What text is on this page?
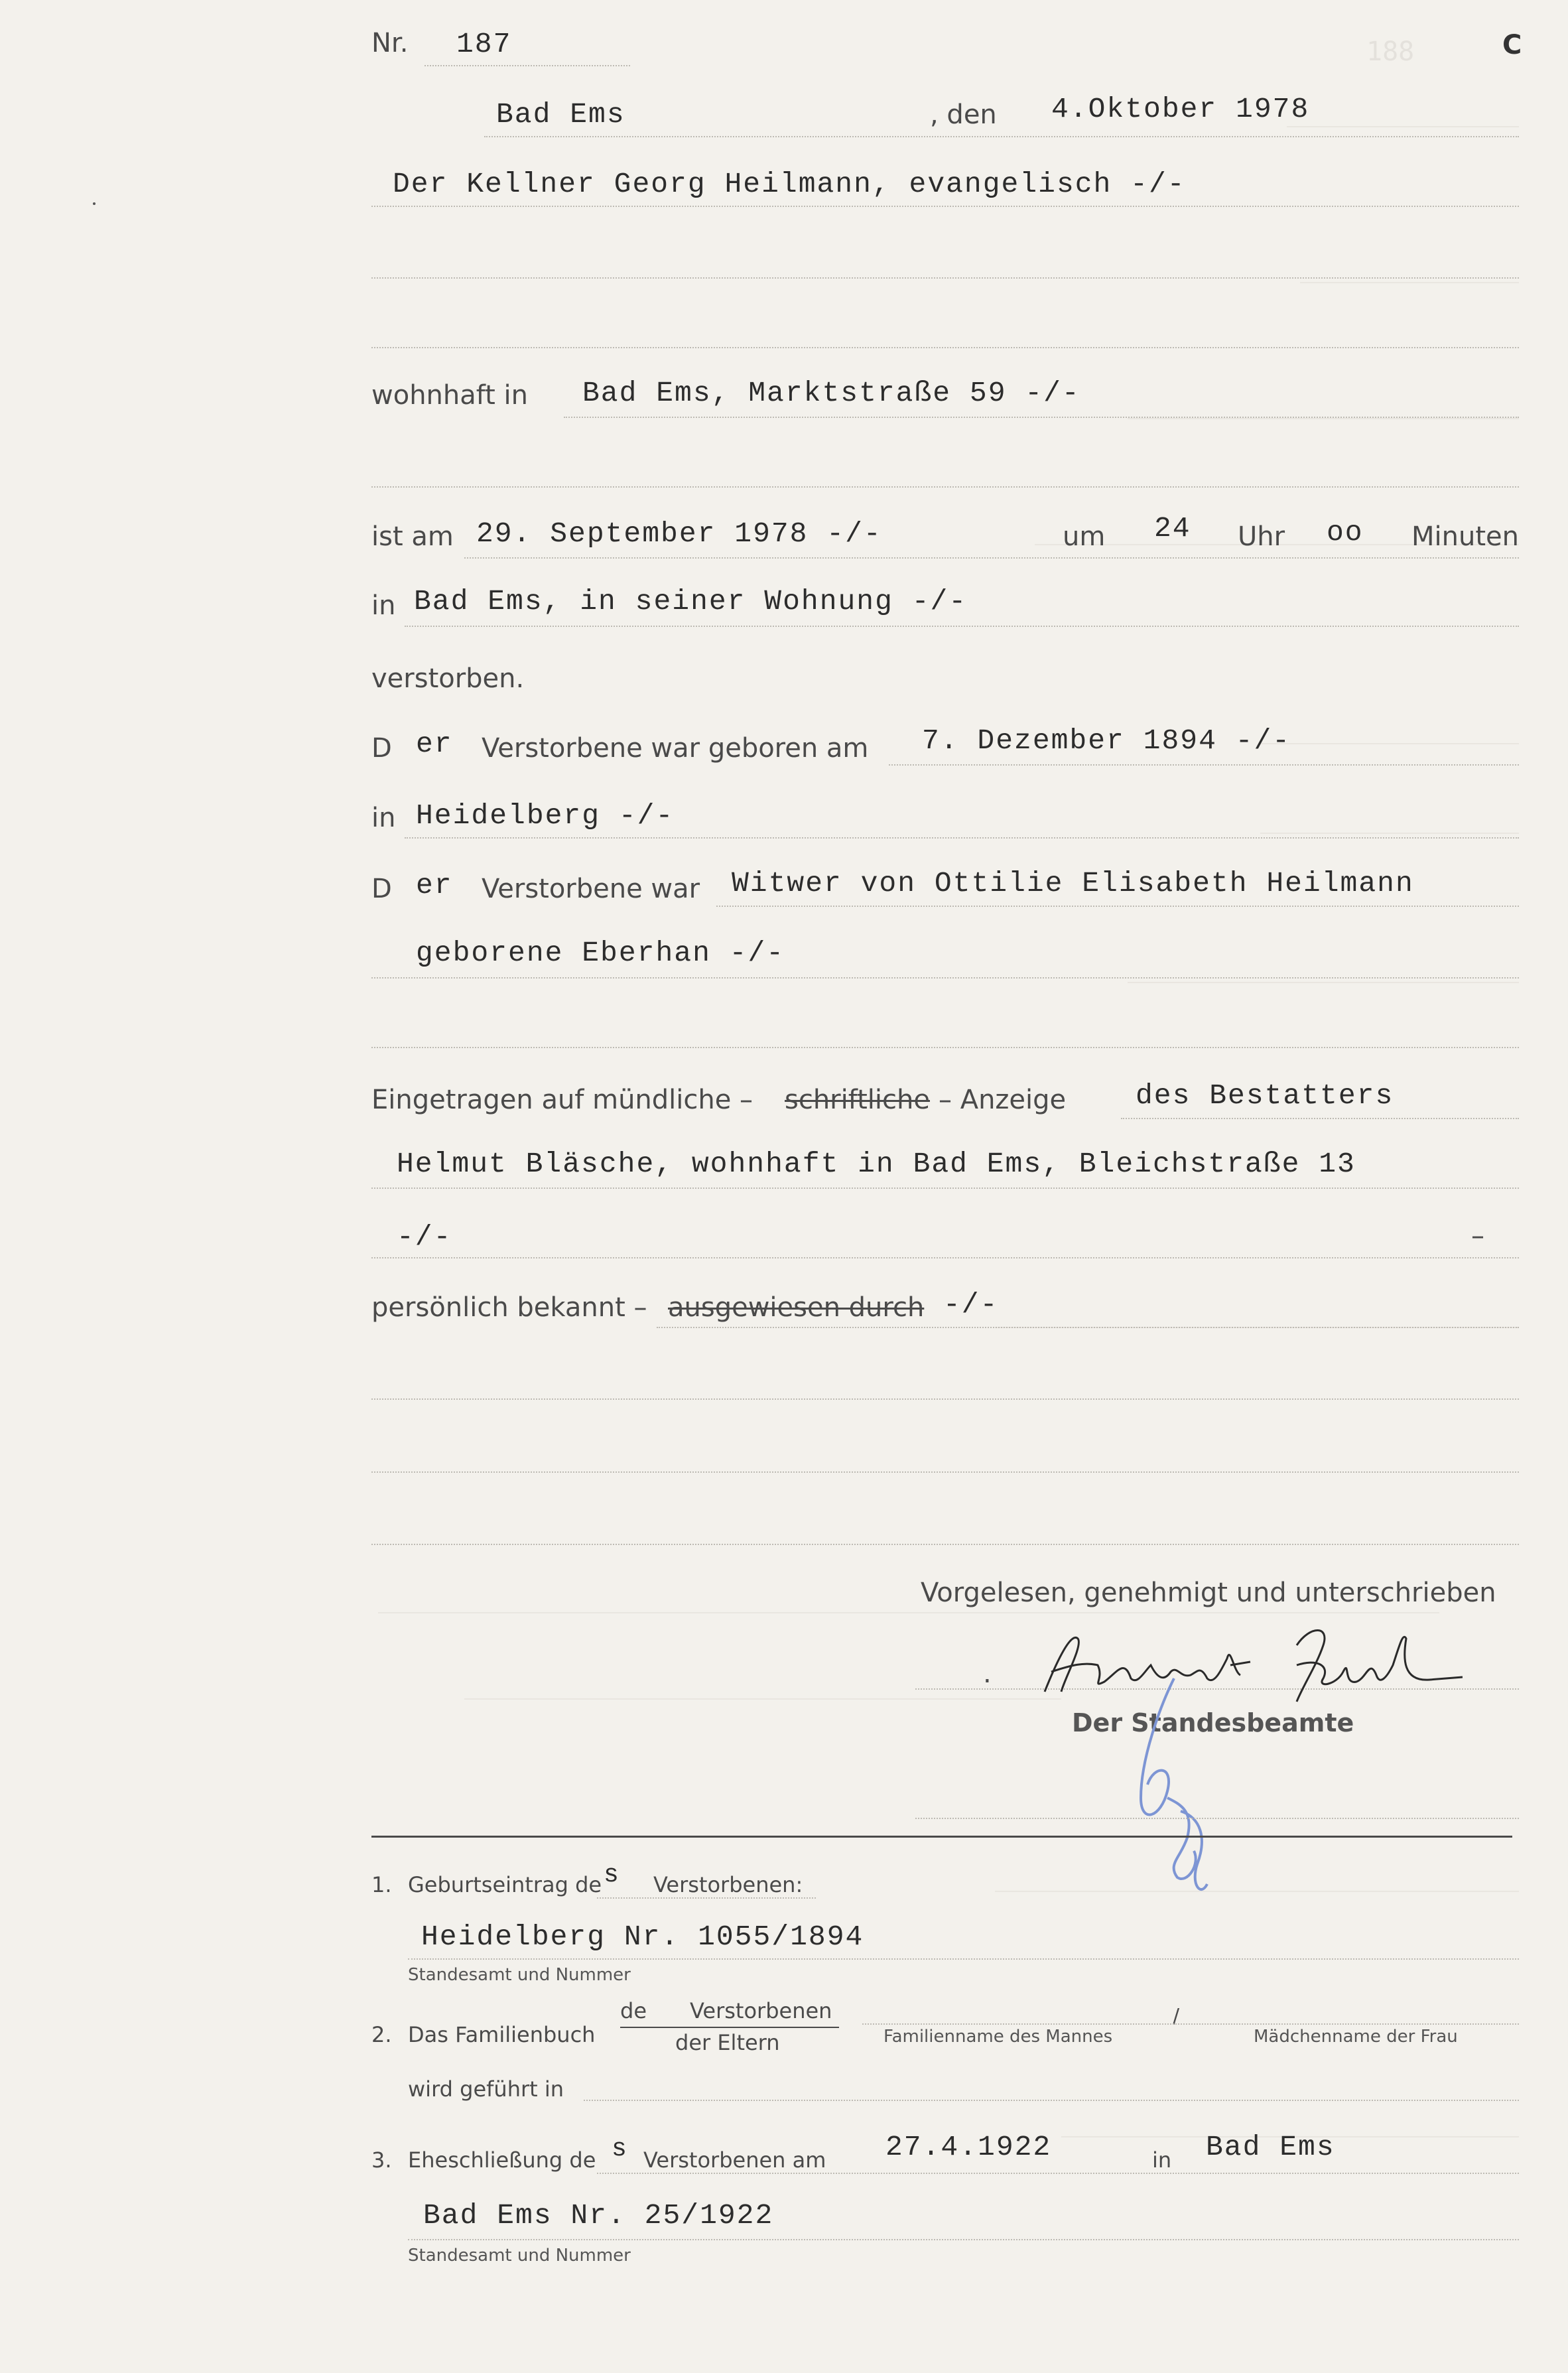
188
Nr. 187	C
Bad Ems	, den 4.Oktober 1978
Der Kellner Georg Heilmann, evangelisch -/-
wohnhaft in Bad Ems, Marktstraße 59 -/-
ist am 29. September 1978 -/-	um 24 Uhr oo Minuten
in Bad Ems, in seiner Wohnung -/-
verstorben.
D er Verstorbene war geboren am 7. Dezember 1894 -/-
in Heidelberg -/-
D er Verstorbene war Witwer von Ottilie Elisabeth Heilmann
geborene Eberhan -/-
Eingetragen auf mündliche – schriftliche – Anzeige des Bestatters
Helmut Bläsche, wohnhaft in Bad Ems, Bleichstraße 13
-/-	–
persönlich bekannt – ausgewiesen durch -/-
Vorgelesen, genehmigt und unterschrieben
.
Der Standesbeamte
1. Geburtseintrag de s Verstorbenen:
Heidelberg Nr. 1055/1894
Standesamt und Nummer
2. Das Familienbuch
de Verstorbenen
der Eltern	Familienname des Mannes
/
Mädchenname der Frau
wird geführt in
3. Eheschließung de s Verstorbenen am 27.4.1922	in Bad Ems
Bad Ems Nr. 25/1922
Standesamt und Nummer
